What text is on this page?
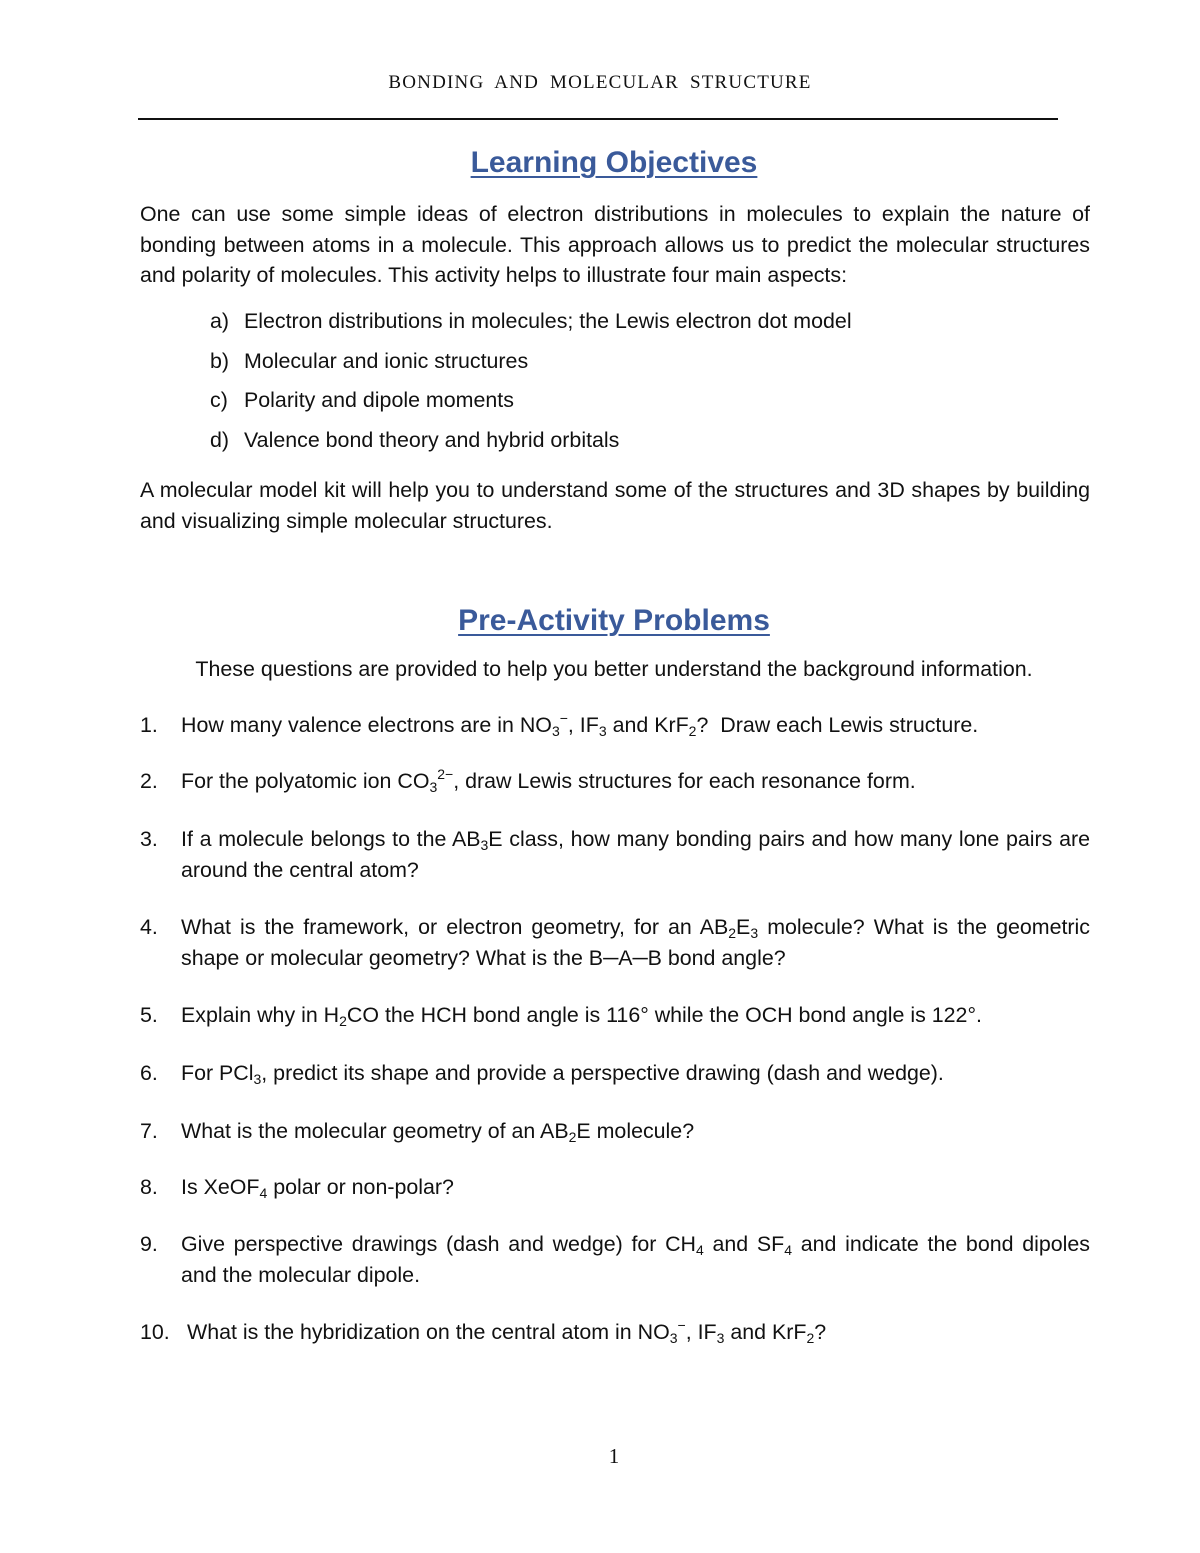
BONDING AND MOLECULAR STRUCTURE
Learning Objectives
One can use some simple ideas of electron distributions in molecules to explain the nature of bonding between atoms in a molecule. This approach allows us to predict the molecular structures and polarity of molecules. This activity helps to illustrate four main aspects:
a) Electron distributions in molecules; the Lewis electron dot model
b) Molecular and ionic structures
c) Polarity and dipole moments
d) Valence bond theory and hybrid orbitals
A molecular model kit will help you to understand some of the structures and 3D shapes by building and visualizing simple molecular structures.
Pre-Activity Problems
These questions are provided to help you better understand the background information.
1.	How many valence electrons are in $NO_3^-$, $IF_3$ and KrF$_2$?  Draw each Lewis structure.
2.	For the polyatomic ion $CO_3^{2-}$, draw Lewis structures for each resonance form.
3.	If a molecule belongs to the $AB_3E$ class, how many bonding pairs and how many lone pairs are around the central atom?
4.	What is the framework, or electron geometry, for an $AB_2E_3$ molecule? What is the geometric shape or molecular geometry? What is the B─A─B bond angle?
5.	Explain why in $H_2CO$ the HCH bond angle is 116° while the OCH bond angle is 122°.
6.	For PCl$_3$, predict its shape and provide a perspective drawing (dash and wedge).
7.	What is the molecular geometry of an $AB_2E$ molecule?
8.	Is XeOF$_4$ polar or non-polar?
9.	Give perspective drawings (dash and wedge) for $CH_4$ and $SF_4$ and indicate the bond dipoles and the molecular dipole.
10. What is the hybridization on the central atom in $NO_3^-$, $IF_3$ and KrF$_2$?
1
